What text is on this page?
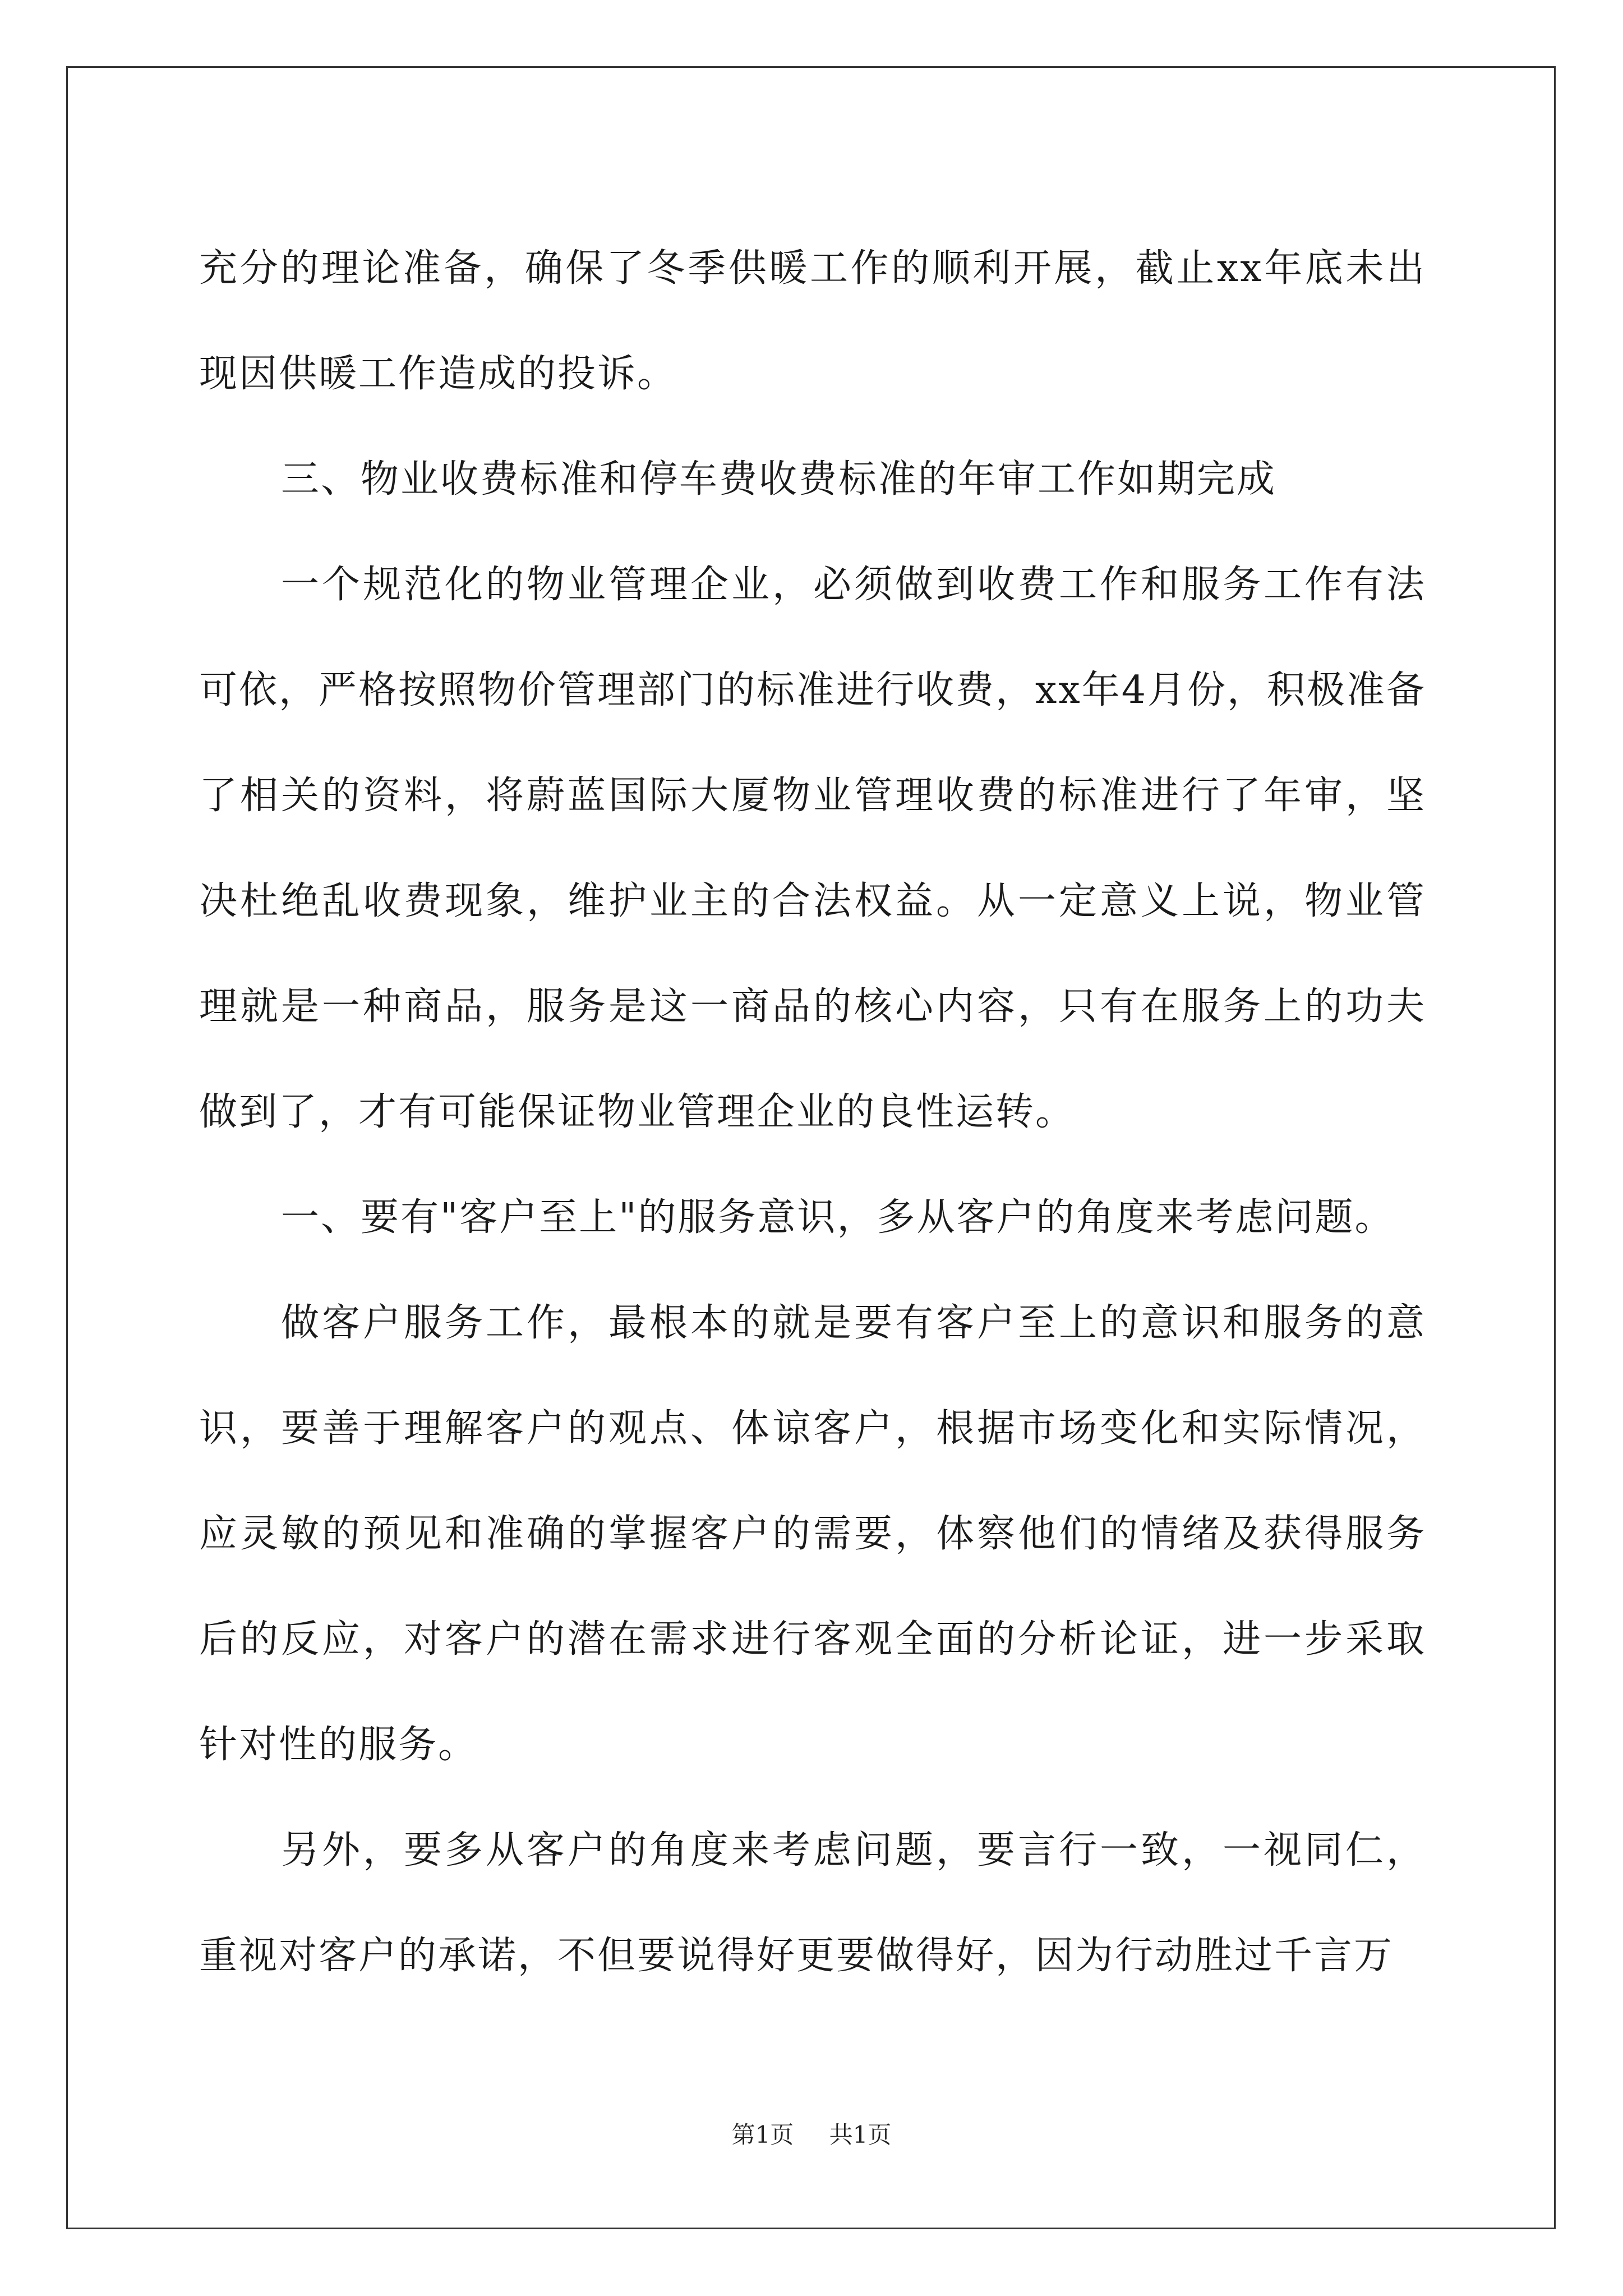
充分的理论准备，确保了冬季供暖工作的顺利开展，截止xx年底未出现因供暖工作造成的投诉。

三、物业收费标准和停车费收费标准的年审工作如期完成

一个规范化的物业管理企业，必须做到收费工作和服务工作有法可依，严格按照物价管理部门的标准进行收费，xx年4月份，积极准备了相关的资料，将蔚蓝国际大厦物业管理收费的标准进行了年审，坚决杜绝乱收费现象，维护业主的合法权益。从一定意义上说，物业管理就是一种商品，服务是这一商品的核心内容，只有在服务上的功夫做到了，才有可能保证物业管理企业的良性运转。

一、要有"客户至上"的服务意识，多从客户的角度来考虑问题。

做客户服务工作，最根本的就是要有客户至上的意识和服务的意识，要善于理解客户的观点、体谅客户，根据市场变化和实际情况，应灵敏的预见和准确的掌握客户的需要，体察他们的情绪及获得服务后的反应，对客户的潜在需求进行客观全面的分析论证，进一步采取针对性的服务。

另外，要多从客户的角度来考虑问题，要言行一致，一视同仁，重视对客户的承诺，不但要说得好更要做得好，因为行动胜过千言万

第1页 共1页
